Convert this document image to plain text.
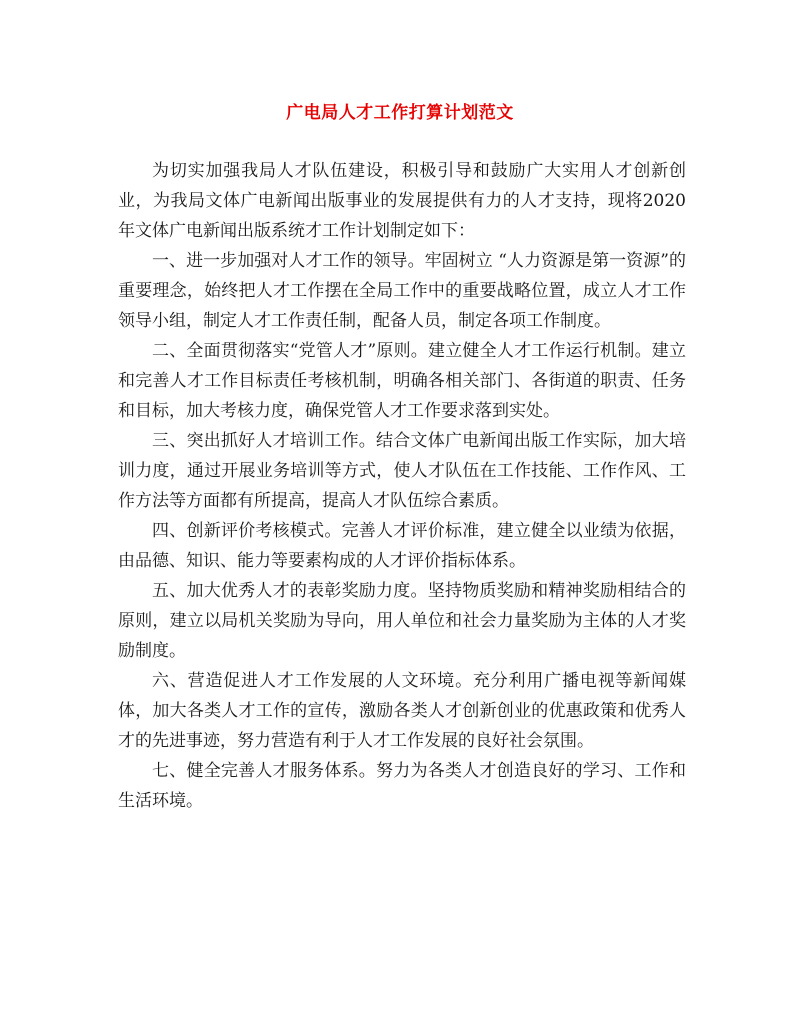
广电局人才工作打算计划范文

为切实加强我局人才队伍建设，积极引导和鼓励广大实用人才创新创业，为我局文体广电新闻出版事业的发展提供有力的人才支持，现将2020年文体广电新闻出版系统才工作计划制定如下：

一、进一步加强对人才工作的领导。牢固树立 “人力资源是第一资源”的重要理念，始终把人才工作摆在全局工作中的重要战略位置，成立人才工作领导小组，制定人才工作责任制，配备人员，制定各项工作制度。

二、全面贯彻落实“党管人才”原则。建立健全人才工作运行机制。建立和完善人才工作目标责任考核机制，明确各相关部门、各街道的职责、任务和目标，加大考核力度，确保党管人才工作要求落到实处。

三、突出抓好人才培训工作。结合文体广电新闻出版工作实际，加大培训力度，通过开展业务培训等方式，使人才队伍在工作技能、工作作风、工作方法等方面都有所提高，提高人才队伍综合素质。

四、创新评价考核模式。完善人才评价标准，建立健全以业绩为依据，由品德、知识、能力等要素构成的人才评价指标体系。

五、加大优秀人才的表彰奖励力度。坚持物质奖励和精神奖励相结合的原则，建立以局机关奖励为导向，用人单位和社会力量奖励为主体的人才奖励制度。

六、营造促进人才工作发展的人文环境。充分利用广播电视等新闻媒体，加大各类人才工作的宣传，激励各类人才创新创业的优惠政策和优秀人才的先进事迹，努力营造有利于人才工作发展的良好社会氛围。

七、健全完善人才服务体系。努力为各类人才创造良好的学习、工作和生活环境。
